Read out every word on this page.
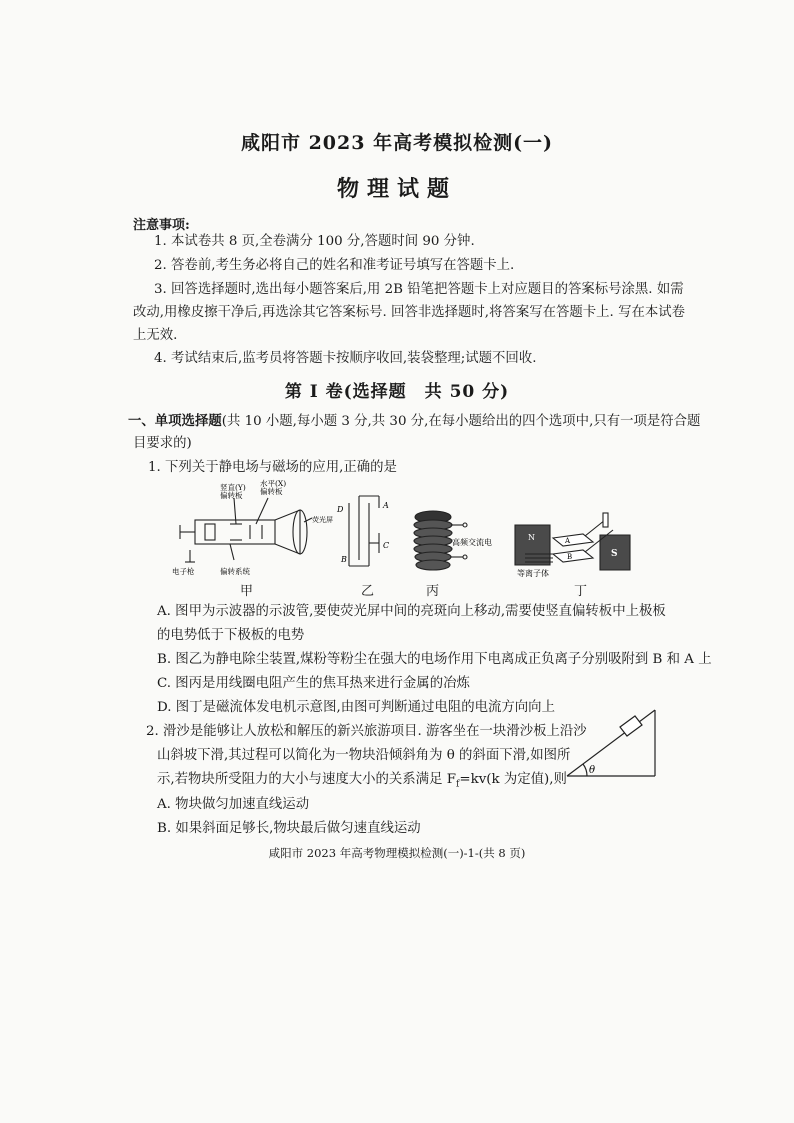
咸阳市 2023 年高考模拟检测(一)
物理试题
注意事项:
1. 本试卷共 8 页,全卷满分 100 分,答题时间 90 分钟.
2. 答卷前,考生务必将自己的姓名和准考证号填写在答题卡上.
3. 回答选择题时,选出每小题答案后,用 2B 铅笔把答题卡上对应题目的答案标号涂黑. 如需
改动,用橡皮擦干净后,再选涂其它答案标号. 回答非选择题时,将答案写在答题卡上. 写在本试卷
上无效.
4. 考试结束后,监考员将答题卡按顺序收回,装袋整理;试题不回收.
第 I 卷(选择题　共 50 分)
一、单项选择题(共 10 小题,每小题 3 分,共 30 分,在每小题给出的四个选项中,只有一项是符合题
目要求的)
1. 下列关于静电场与磁场的应用,正确的是
竖直(Y)
偏转板
水平(X)
偏转板
荧光屏
电子枪	偏转系统
甲
D	A
C
B
乙
高频交流电
丙
N
S
A
B
等离子体
丁
A. 图甲为示波器的示波管,要使荧光屏中间的亮斑向上移动,需要使竖直偏转板中上极板
的电势低于下极板的电势
B. 图乙为静电除尘装置,煤粉等粉尘在强大的电场作用下电离成正负离子分别吸附到 B 和 A 上
C. 图丙是用线圈电阻产生的焦耳热来进行金属的冶炼
D. 图丁是磁流体发电机示意图,由图可判断通过电阻的电流方向向上
2. 滑沙是能够让人放松和解压的新兴旅游项目. 游客坐在一块滑沙板上沿沙
山斜坡下滑,其过程可以简化为一物块沿倾斜角为 θ 的斜面下滑,如图所
示,若物块所受阻力的大小与速度大小的关系满足 $F_f=kv(k$ 为定值),则
θ
A. 物块做匀加速直线运动
B. 如果斜面足够长,物块最后做匀速直线运动
咸阳市 2023 年高考物理模拟检测(一)-1-(共 8 页)
